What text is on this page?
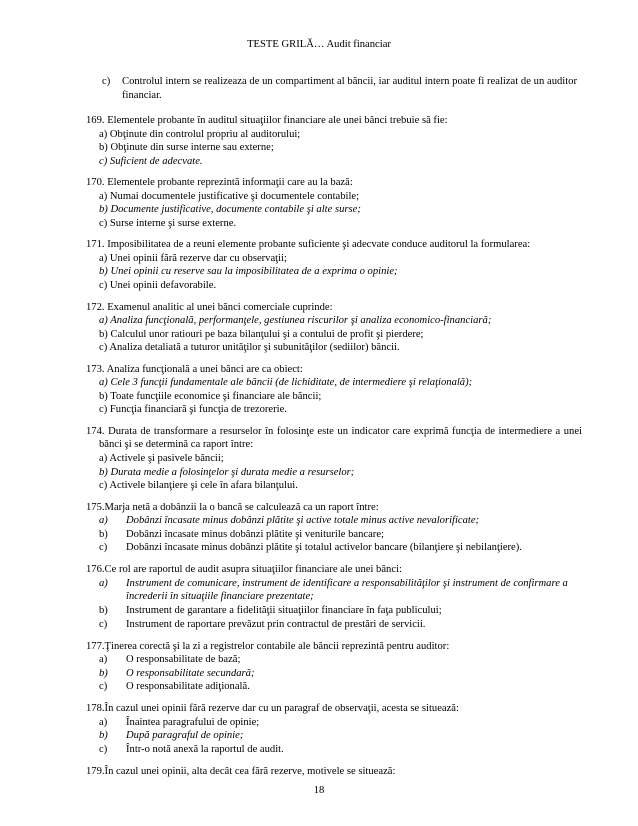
TESTE GRILĂ… Audit financiar
c) Controlul intern se realizeaza de un compartiment al băncii, iar auditul intern poate fi realizat de un auditor financiar.
169. Elementele probante în auditul situaţiilor financiare ale unei bănci trebuie să fie:
a) Obţinute din controlul propriu al auditorului;
b) Obţinute din surse interne sau externe;
c) Suficient de adecvate.
170. Elementele probante reprezintă informaţii care au la bază:
a) Numai documentele justificative şi documentele contabile;
b) Documente justificative, documente contabile şi alte surse;
c) Surse interne şi surse externe.
171. Imposibilitatea de a reuni elemente probante suficiente şi adecvate conduce auditorul la formularea:
a) Unei opinii fără rezerve dar cu observaţii;
b) Unei opinii cu reserve sau la imposibilitatea de a exprima o opinie;
c) Unei opinii defavorabile.
172. Examenul analitic al unei bănci comerciale cuprinde:
a) Analiza funcţională, performanţele, gestiunea riscurilor şi analiza economico-financiară;
b) Calculul unor ratiouri pe baza bilanţului şi a contului de profit şi pierdere;
c) Analiza detaliată a tuturor unităţilor şi subunităţilor (sediilor) băncii.
173. Analiza funcţională a unei bănci are ca obiect:
a) Cele 3 funcţii fundamentale ale băncii (de lichiditate, de intermediere şi relaţională);
b) Toate funcţiile economice şi financiare ale băncii;
c) Funcţia financiară şi funcţia de trezorerie.
174. Durata de transformare a resurselor în folosinţe este un indicator care exprimă funcţia de intermediere a unei bănci şi se determină ca raport între:
a) Activele şi pasivele băncii;
b) Durata medie a folosinţelor şi durata medie a resurselor;
c) Activele bilanţiere şi cele în afara bilanţului.
175.Marja netă a dobânzii la o bancă se calculează ca un raport între:
a) Dobânzi încasate minus dobânzi plătite şi active totale minus active nevalorificate;
b) Dobânzi încasate minus dobânzi plătite şi veniturile bancare;
c) Dobânzi încasate minus dobânzi plătite şi totalul activelor bancare (bilanţiere şi nebilanţiere).
176.Ce rol are raportul de audit asupra situaţiilor financiare ale unei bănci:
a) Instrument de comunicare, instrument de identificare a responsabilităţilor şi instrument de confirmare a încrederii în situaţiile financiare prezentate;
b) Instrument de garantare a fidelităţii situaţiilor financiare în faţa publicului;
c) Instrument de raportare prevăzut prin contractul de prestări de servicii.
177.Ţinerea corectă şi la zi a registrelor contabile ale băncii reprezintă pentru auditor:
a) O responsabilitate de bază;
b) O responsabilitate secundară;
c) O responsabilitate adiţională.
178.În cazul unei opinii fără rezerve dar cu un paragraf de observaţii, acesta se situează:
a) Înaintea paragrafului de opinie;
b) După paragraful de opinie;
c) Într-o notă anexă la raportul de audit.
179.În cazul unei opinii, alta decât cea fără rezerve, motivele se situează:
18
